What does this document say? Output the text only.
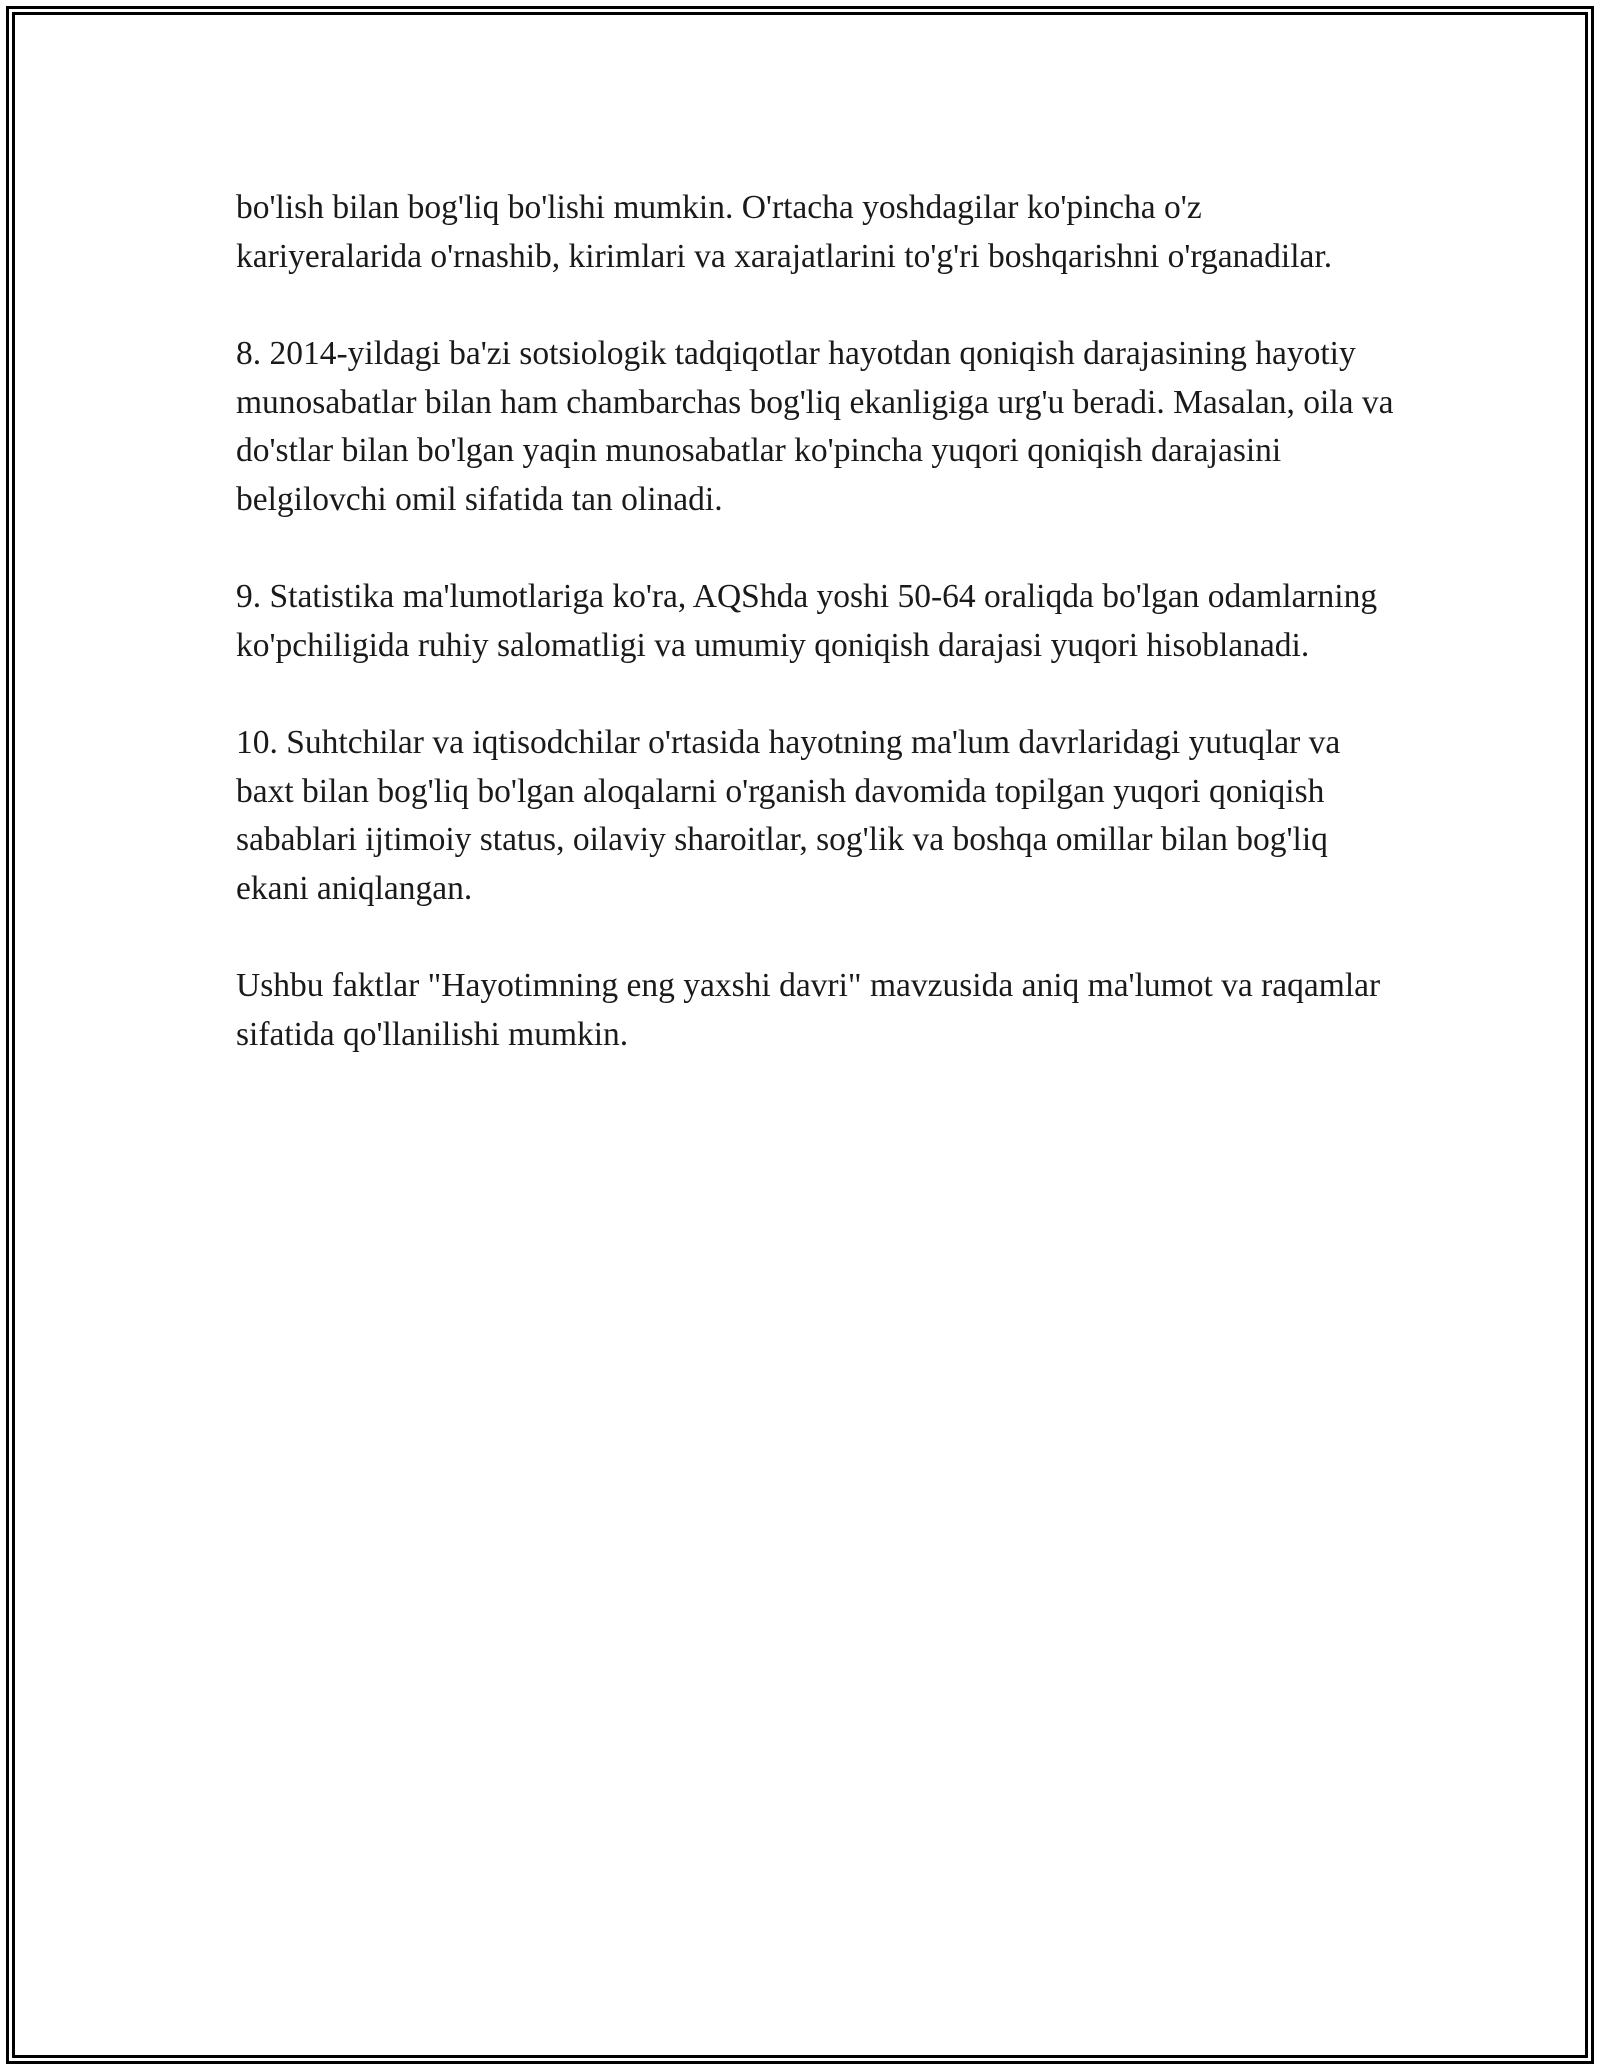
bo'lish bilan bog'liq bo'lishi mumkin. O'rtacha yoshdagilar ko'pincha o'z kariyeralarida o'rnashib, kirimlari va xarajatlarini to'g'ri boshqarishni o'rganadilar.

8. 2014-yildagi ba'zi sotsiologik tadqiqotlar hayotdan qoniqish darajasining hayotiy munosabatlar bilan ham chambarchas bog'liq ekanligiga urg'u beradi. Masalan, oila va do'stlar bilan bo'lgan yaqin munosabatlar ko'pincha yuqori qoniqish darajasini belgilovchi omil sifatida tan olinadi.

9. Statistika ma'lumotlariga ko'ra, AQShda yoshi 50-64 oraliqda bo'lgan odamlarning ko'pchiligida ruhiy salomatligi va umumiy qoniqish darajasi yuqori hisoblanadi.

10. Suhtchilar va iqtisodchilar o'rtasida hayotning ma'lum davrlaridagi yutuqlar va baxt bilan bog'liq bo'lgan aloqalarni o'rganish davomida topilgan yuqori qoniqish sabablari ijtimoiy status, oilaviy sharoitlar, sog'lik va boshqa omillar bilan bog'liq ekani aniqlangan.

Ushbu faktlar "Hayotimning eng yaxshi davri" mavzusida aniq ma'lumot va raqamlar sifatida qo'llanilishi mumkin.
